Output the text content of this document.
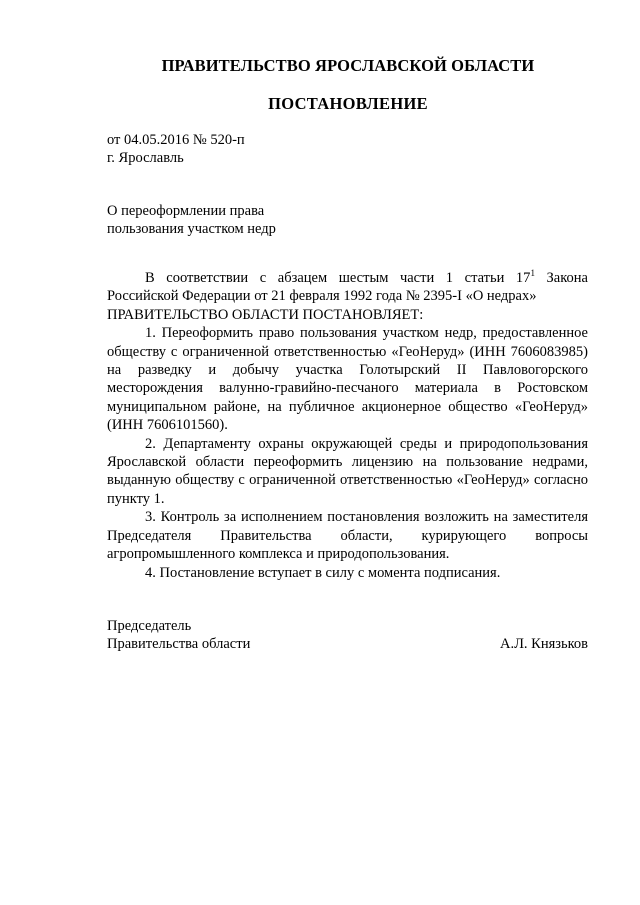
ПРАВИТЕЛЬСТВО ЯРОСЛАВСКОЙ ОБЛАСТИ
ПОСТАНОВЛЕНИЕ
от 04.05.2016 № 520-п
г. Ярославль
О переоформлении права
пользования участком недр

В соответствии с абзацем шестым части 1 статьи $17^1$ Закона Российской Федерации от 21 февраля 1992 года № 2395-I «О недрах»

ПРАВИТЕЛЬСТВО ОБЛАСТИ ПОСТАНОВЛЯЕТ:

1. Переоформить право пользования участком недр, предоставленное обществу с ограниченной ответственностью «ГеоНеруд» (ИНН 7606083985) на разведку и добычу участка Голотырский II Павловогорского месторождения валунно-гравийно-песчаного материала в Ростовском муниципальном районе, на публичное акционерное общество «ГеоНеруд» (ИНН 7606101560).

2. Департаменту охраны окружающей среды и природопользования Ярославской области переоформить лицензию на пользование недрами, выданную обществу с ограниченной ответственностью «ГеоНеруд» согласно пункту 1.

3. Контроль за исполнением постановления возложить на заместителя Председателя Правительства области, курирующего вопросы агропромышленного комплекса и природопользования.

4. Постановление вступает в силу с момента подписания.

Председатель
Правительства области	А.Л. Князьков
